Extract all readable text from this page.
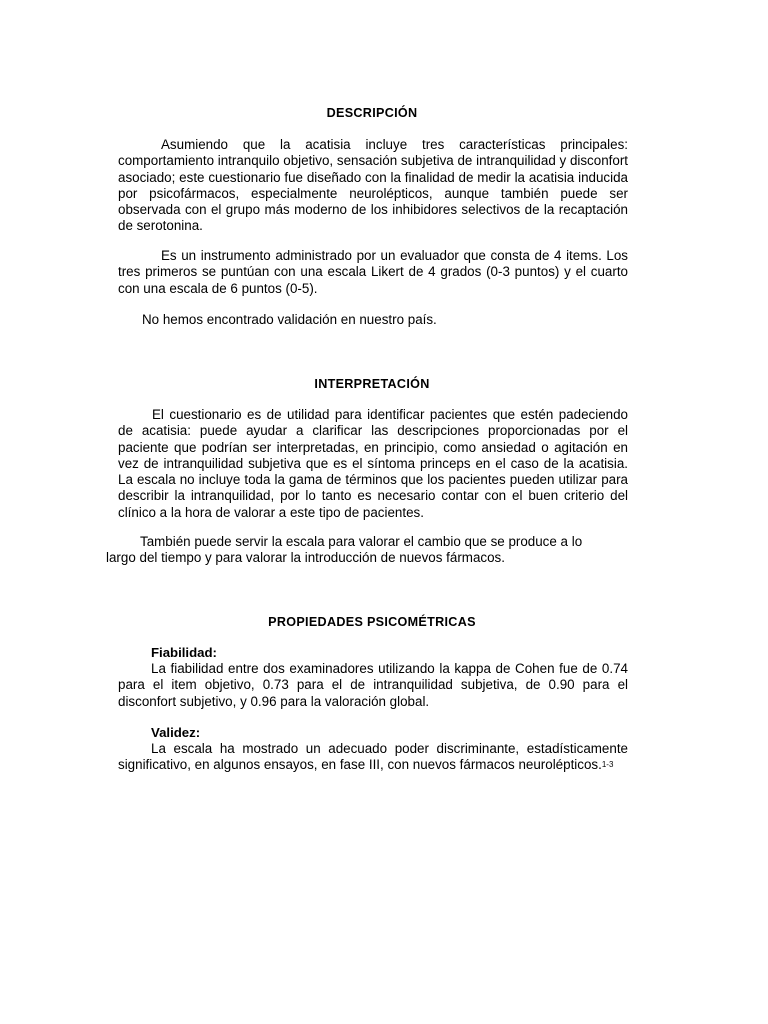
DESCRIPCIÓN

Asumiendo que la acatisia incluye tres características principales: comportamiento intranquilo objetivo, sensación subjetiva de intranquilidad y disconfort asociado; este cuestionario fue diseñado con la finalidad de medir la acatisia inducida por psicofármacos, especialmente neurolépticos, aunque también puede ser observada con el grupo más moderno de los inhibidores selectivos de la recaptación de serotonina.

Es un instrumento administrado por un evaluador que consta de 4 items. Los tres primeros se puntúan con una escala Likert de 4 grados (0-3 puntos) y el cuarto con una escala de 6 puntos (0-5).

No hemos encontrado validación en nuestro país.

INTERPRETACIÓN

El cuestionario es de utilidad para identificar pacientes que estén padeciendo de acatisia: puede ayudar a clarificar las descripciones proporcionadas por el paciente que podrían ser interpretadas, en principio, como ansiedad o agitación en vez de intranquilidad subjetiva que es el síntoma princeps en el caso de la acatisia. La escala no incluye toda la gama de términos que los pacientes pueden utilizar para describir la intranquilidad, por lo tanto es necesario contar con el buen criterio del clínico a la hora de valorar a este tipo de pacientes.

También puede servir la escala para valorar el cambio que se produce a lo largo del tiempo y para valorar la introducción de nuevos fármacos.

PROPIEDADES PSICOMÉTRICAS

Fiabilidad:

La fiabilidad entre dos examinadores utilizando la kappa de Cohen fue de 0.74 para el item objetivo, 0.73 para el de intranquilidad subjetiva, de 0.90 para el disconfort subjetivo, y 0.96 para la valoración global.

Validez:

La escala ha mostrado un adecuado poder discriminante, estadísticamente significativo, en algunos ensayos, en fase III, con nuevos fármacos neurolépticos.$^{1-3}$
